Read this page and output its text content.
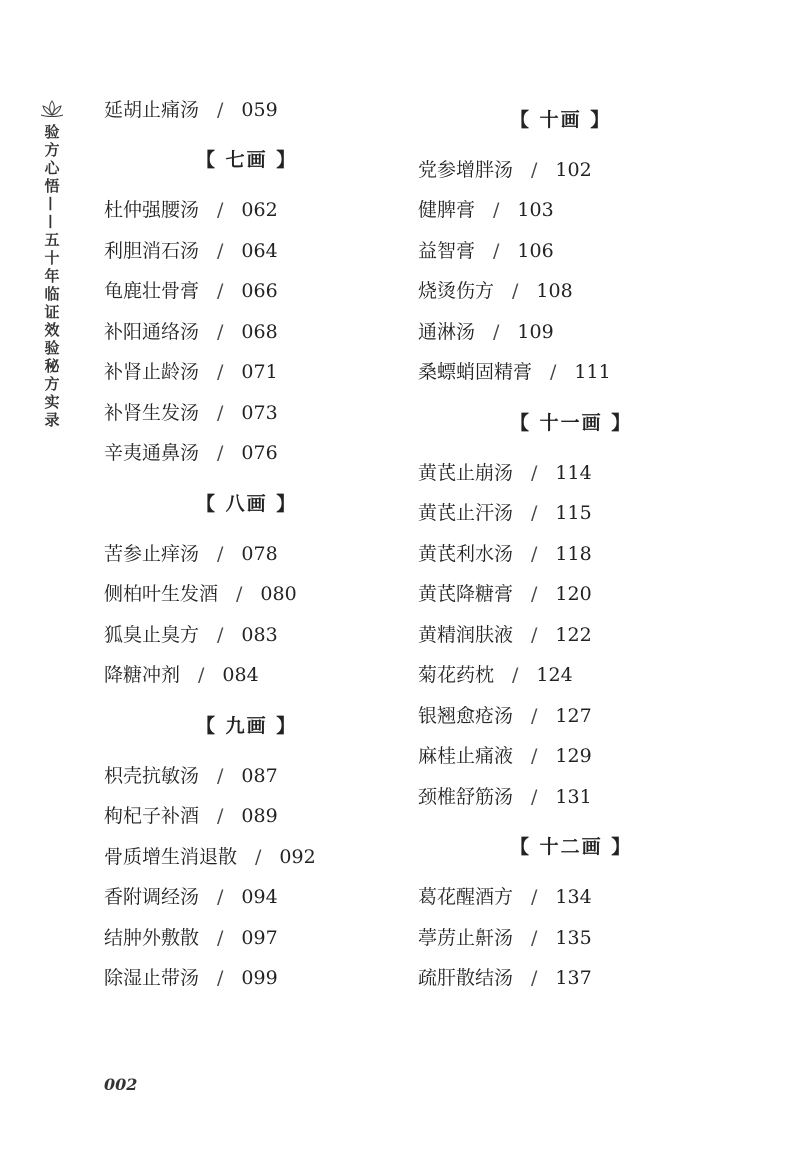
验方心悟——五十年临证效验秘方实录
延胡止痛汤 / 059
【 七画 】
杜仲强腰汤 / 062
利胆消石汤 / 064
龟鹿壮骨膏 / 066
补阳通络汤 / 068
补肾止龄汤 / 071
补肾生发汤 / 073
辛夷通鼻汤 / 076
【 八画 】
苦参止痒汤 / 078
侧柏叶生发酒 / 080
狐臭止臭方 / 083
降糖冲剂 / 084
【 九画 】
枳壳抗敏汤 / 087
枸杞子补酒 / 089
骨质增生消退散 / 092
香附调经汤 / 094
结肿外敷散 / 097
除湿止带汤 / 099
【 十画 】
党参增胖汤 / 102
健脾膏 / 103
益智膏 / 106
烧烫伤方 / 108
通淋汤 / 109
桑螵蛸固精膏 / 111
【 十一画 】
黄芪止崩汤 / 114
黄芪止汗汤 / 115
黄芪利水汤 / 118
黄芪降糖膏 / 120
黄精润肤液 / 122
菊花药枕 / 124
银翘愈疮汤 / 127
麻桂止痛液 / 129
颈椎舒筋汤 / 131
【 十二画 】
葛花醒酒方 / 134
葶苈止鼾汤 / 135
疏肝散结汤 / 137
002
